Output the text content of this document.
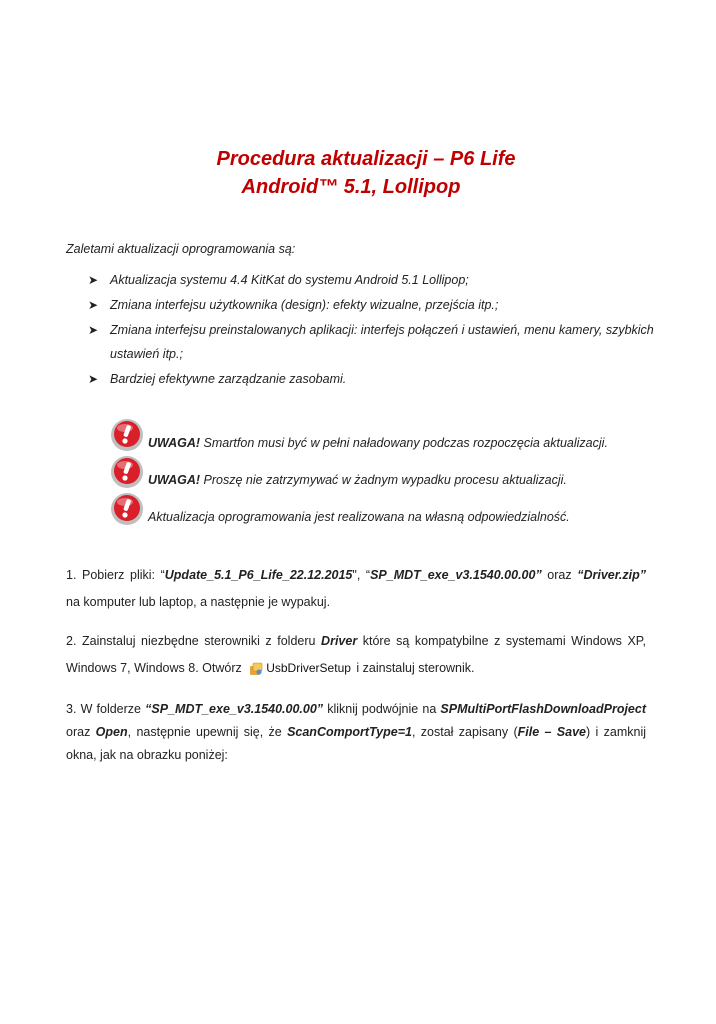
Procedura aktualizacji – P6 Life
Android™ 5.1, Lollipop
Zaletami aktualizacji oprogramowania są:
➤ Aktualizacja systemu 4.4 KitKat do systemu Android 5.1 Lollipop;
➤ Zmiana interfejsu użytkownika (design): efekty wizualne, przejścia itp.;
➤ Zmiana interfejsu preinstalowanych aplikacji: interfejs połączeń i ustawień, menu kamery, szybkich ustawień itp.;
➤ Bardziej efektywne zarządzanie zasobami.
UWAGA! Smartfon musi być w pełni naładowany podczas rozpoczęcia aktualizacji.
UWAGA! Proszę nie zatrzymywać w żadnym wypadku procesu aktualizacji.
Aktualizacja oprogramowania jest realizowana na własną odpowiedzialność.
1. Pobierz pliki: “Update_5.1_P6_Life_22.12.2015", “SP_MDT_exe_v3.1540.00.00” oraz “Driver.zip” na komputer lub laptop, a następnie je wypakuj.
2. Zainstaluj niezbędne sterowniki z folderu Driver które są kompatybilne z systemami Windows XP, Windows 7, Windows 8. Otwórz UsbDriverSetup i zainstaluj sterownik.
3. W folderze “SP_MDT_exe_v3.1540.00.00” kliknij podwójnie na SPMultiPortFlashDownloadProject oraz Open, następnie upewnij się, że ScanComportType=1, został zapisany (File – Save) i zamknij okna, jak na obrazku poniżej:
